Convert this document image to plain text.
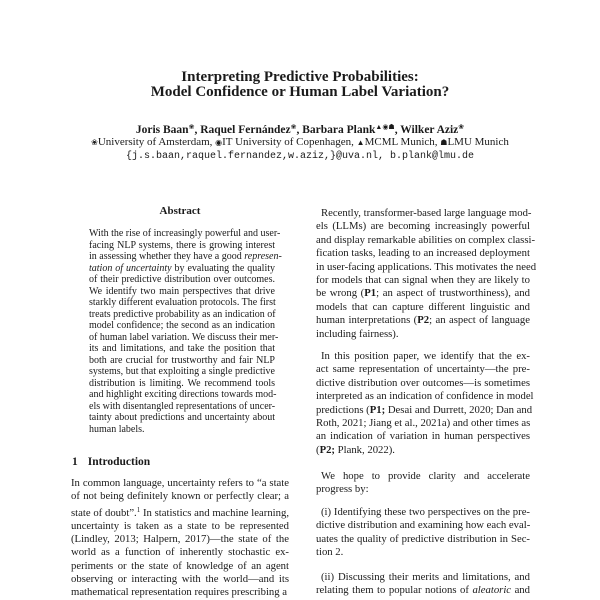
Interpreting Predictive Probabilities:
Model Confidence or Human Label Variation?
Joris Baan❀, Raquel Fernández❀, Barbara Plank▲◉☗, Wilker Aziz❀
❀University of Amsterdam, ◉IT University of Copenhagen, ▲MCML Munich, ☗LMU Munich
{j.s.baan,raquel.fernandez,w.aziz,}@uva.nl, b.plank@lmu.de
Abstract
With the rise of increasingly powerful and user-
facing NLP systems, there is growing interest
in assessing whether they have a good represen-
tation of uncertainty by evaluating the quality
of their predictive distribution over outcomes.
We identify two main perspectives that drive
starkly different evaluation protocols. The first
treats predictive probability as an indication of
model confidence; the second as an indication
of human label variation. We discuss their mer-
its and limitations, and take the position that
both are crucial for trustworthy and fair NLP
systems, but that exploiting a single predictive
distribution is limiting. We recommend tools
and highlight exciting directions towards mod-
els with disentangled representations of uncer-
tainty about predictions and uncertainty about
human labels.
1 Introduction
In common language, uncertainty refers to “a state
of not being definitely known or perfectly clear; a
state of doubt”.$^1$ In statistics and machine learning,
uncertainty is taken as a state to be represented
(Lindley, 2013; Halpern, 2017)—the state of the
world as a function of inherently stochastic ex-
periments or the state of knowledge of an agent
observing or interacting with the world—and its
mathematical representation requires prescribing a
Recently, transformer-based large language mod-
els (LLMs) are becoming increasingly powerful
and display remarkable abilities on complex classi-
fication tasks, leading to an increased deployment
in user-facing applications. This motivates the need
for models that can signal when they are likely to
be wrong (P1; an aspect of trustworthiness), and
models that can capture different linguistic and
human interpretations (P2; an aspect of language
including fairness).
In this position paper, we identify that the ex-
act same representation of uncertainty—the pre-
dictive distribution over outcomes—is sometimes
interpreted as an indication of confidence in model
predictions (P1; Desai and Durrett, 2020; Dan and
Roth, 2021; Jiang et al., 2021a) and other times as
an indication of variation in human perspectives
(P2; Plank, 2022).
We hope to provide clarity and accelerate
progress by:
(i) Identifying these two perspectives on the pre-
dictive distribution and examining how each eval-
uates the quality of predictive distribution in Sec-
tion 2.
(ii) Discussing their merits and limitations, and
relating them to popular notions of aleatoric and
